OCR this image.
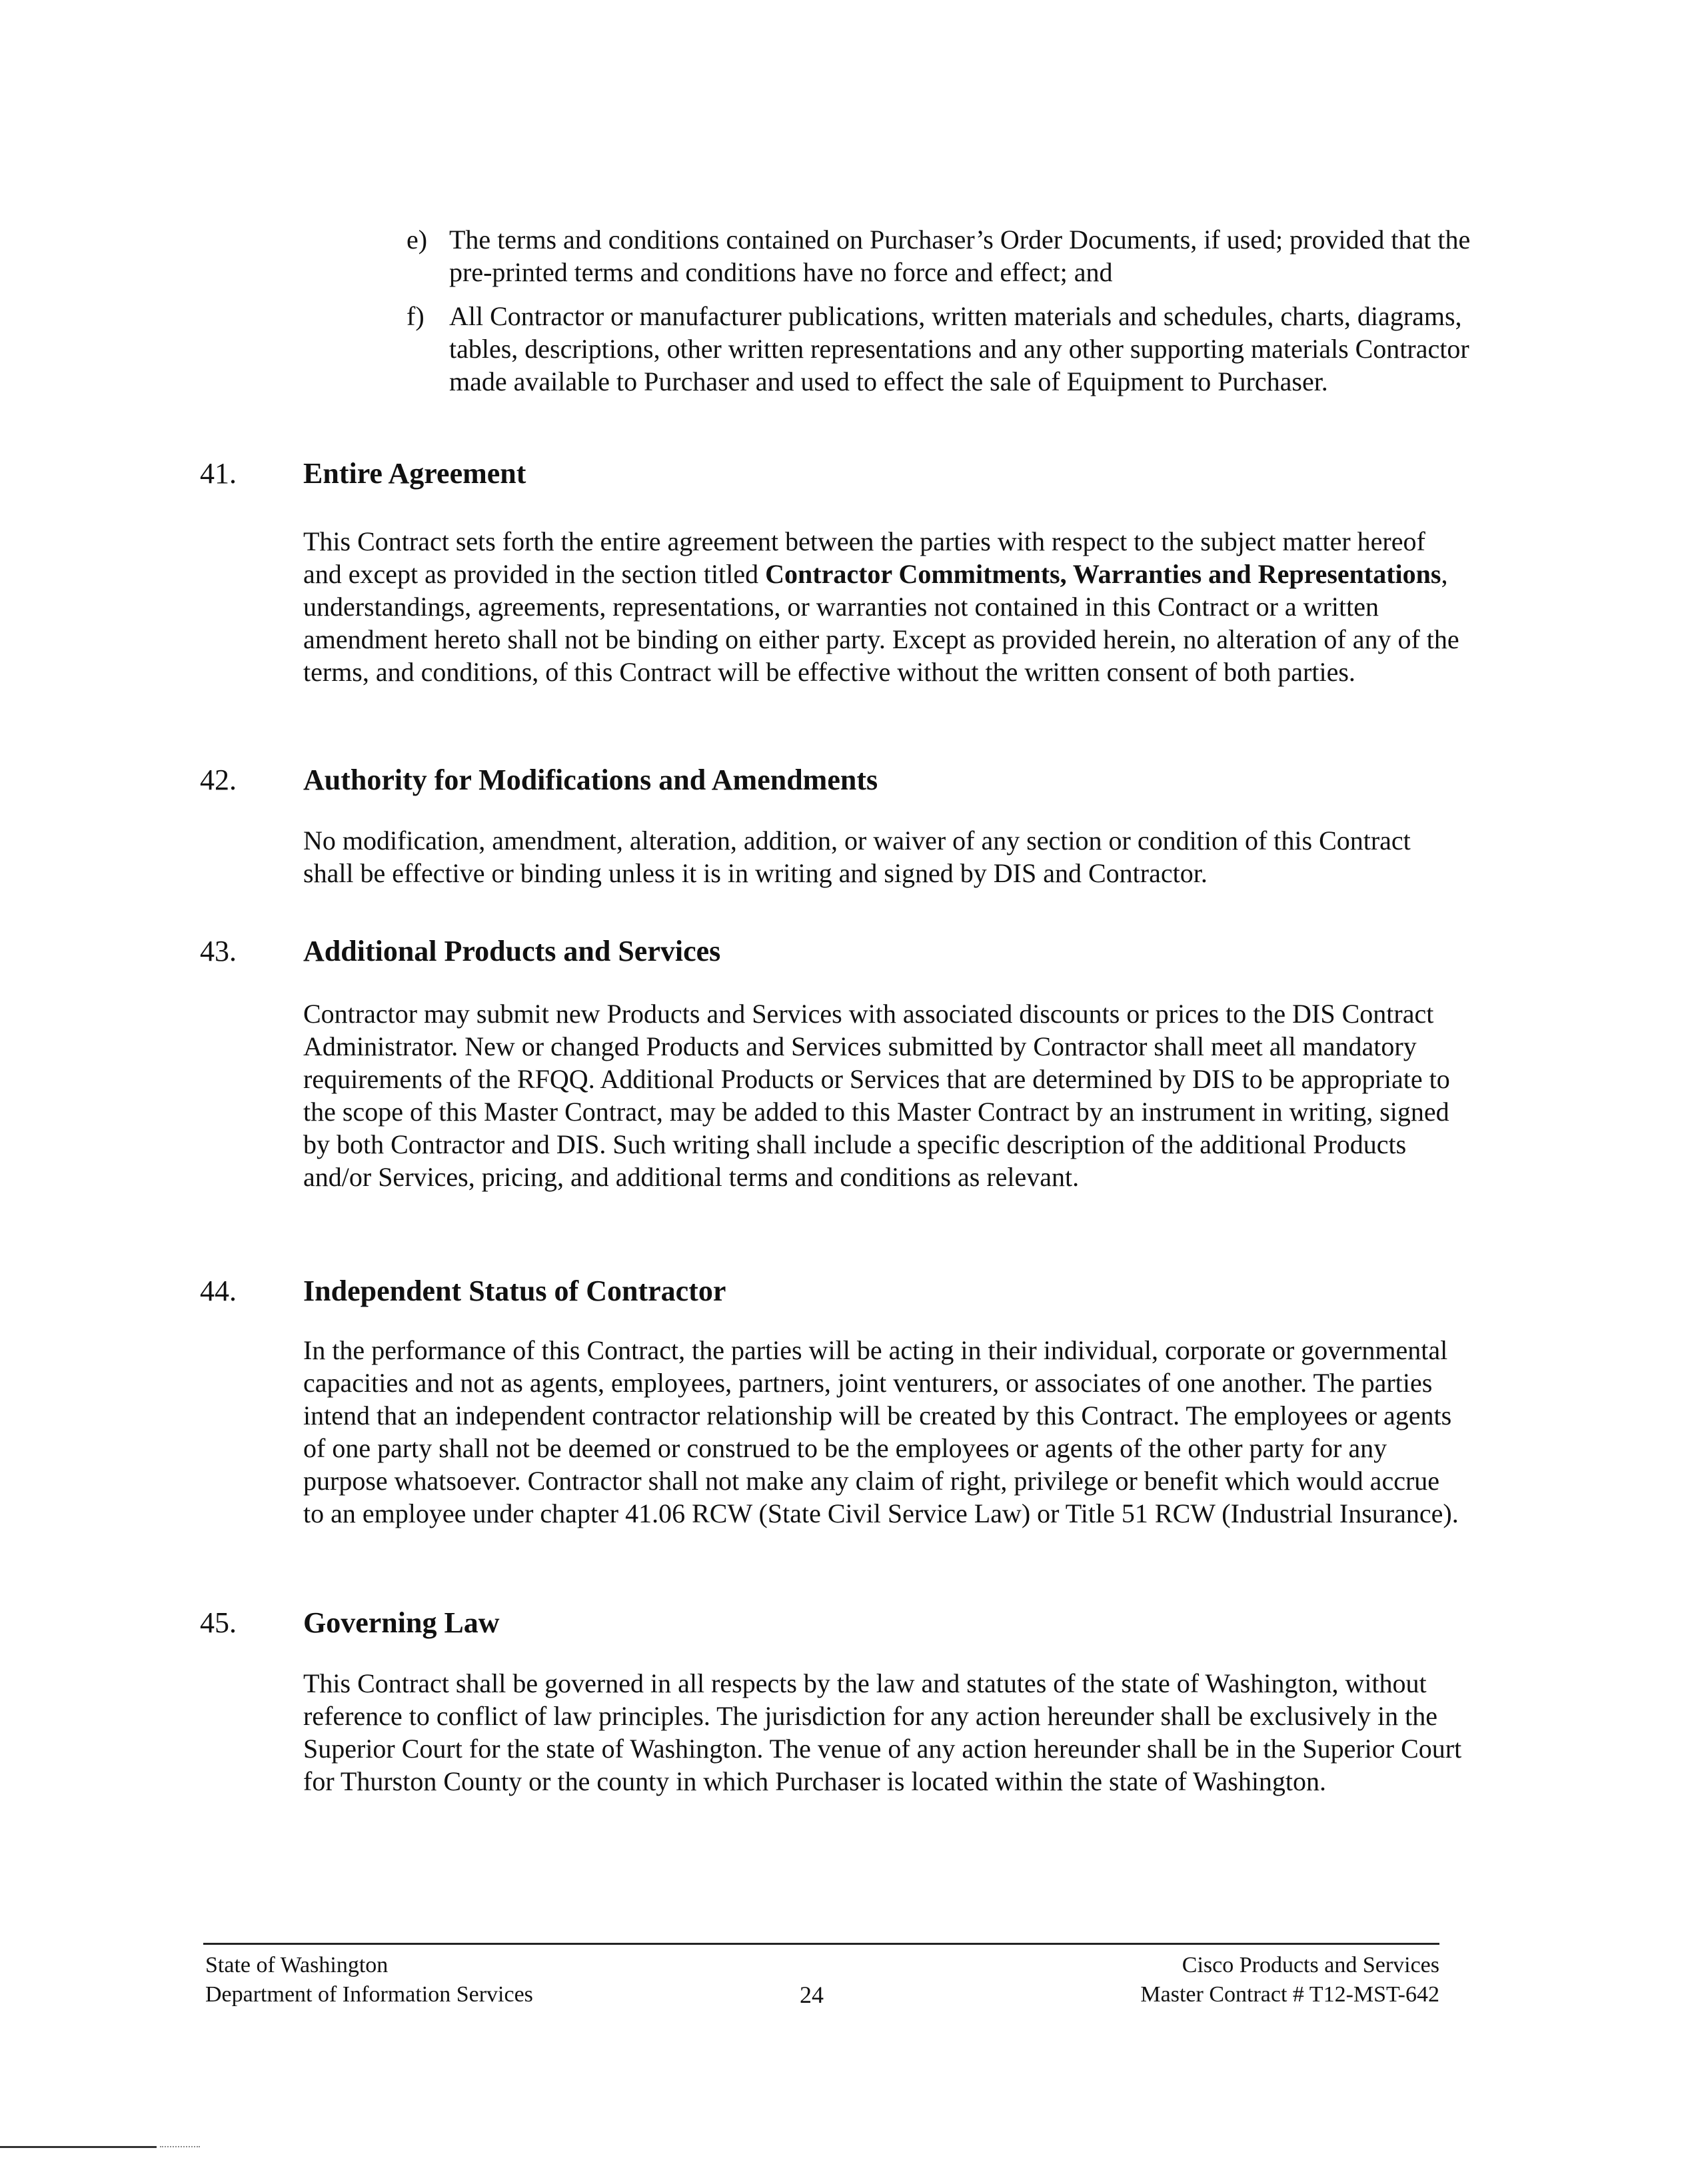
e) The terms and conditions contained on Purchaser’s Order Documents, if used; provided that the pre-printed terms and conditions have no force and effect; and
f) All Contractor or manufacturer publications, written materials and schedules, charts, diagrams, tables, descriptions, other written representations and any other supporting materials Contractor made available to Purchaser and used to effect the sale of Equipment to Purchaser.
41. Entire Agreement

This Contract sets forth the entire agreement between the parties with respect to the subject matter hereof and except as provided in the section titled Contractor Commitments, Warranties and Representations, understandings, agreements, representations, or warranties not contained in this Contract or a written amendment hereto shall not be binding on either party. Except as provided herein, no alteration of any of the terms, and conditions, of this Contract will be effective without the written consent of both parties.

42. Authority for Modifications and Amendments

No modification, amendment, alteration, addition, or waiver of any section or condition of this Contract shall be effective or binding unless it is in writing and signed by DIS and Contractor.

43. Additional Products and Services

Contractor may submit new Products and Services with associated discounts or prices to the DIS Contract Administrator. New or changed Products and Services submitted by Contractor shall meet all mandatory requirements of the RFQQ. Additional Products or Services that are determined by DIS to be appropriate to the scope of this Master Contract, may be added to this Master Contract by an instrument in writing, signed by both Contractor and DIS. Such writing shall include a specific description of the additional Products and/or Services, pricing, and additional terms and conditions as relevant.

44. Independent Status of Contractor

In the performance of this Contract, the parties will be acting in their individual, corporate or governmental capacities and not as agents, employees, partners, joint venturers, or associates of one another. The parties intend that an independent contractor relationship will be created by this Contract. The employees or agents of one party shall not be deemed or construed to be the employees or agents of the other party for any purpose whatsoever. Contractor shall not make any claim of right, privilege or benefit which would accrue to an employee under chapter 41.06 RCW (State Civil Service Law) or Title 51 RCW (Industrial Insurance).

45. Governing Law

This Contract shall be governed in all respects by the law and statutes of the state of Washington, without reference to conflict of law principles. The jurisdiction for any action hereunder shall be exclusively in the Superior Court for the state of Washington. The venue of any action hereunder shall be in the Superior Court for Thurston County or the county in which Purchaser is located within the state of Washington.

State of Washington
Department of Information Services	24
Cisco Products and Services
Master Contract # T12-MST-642
